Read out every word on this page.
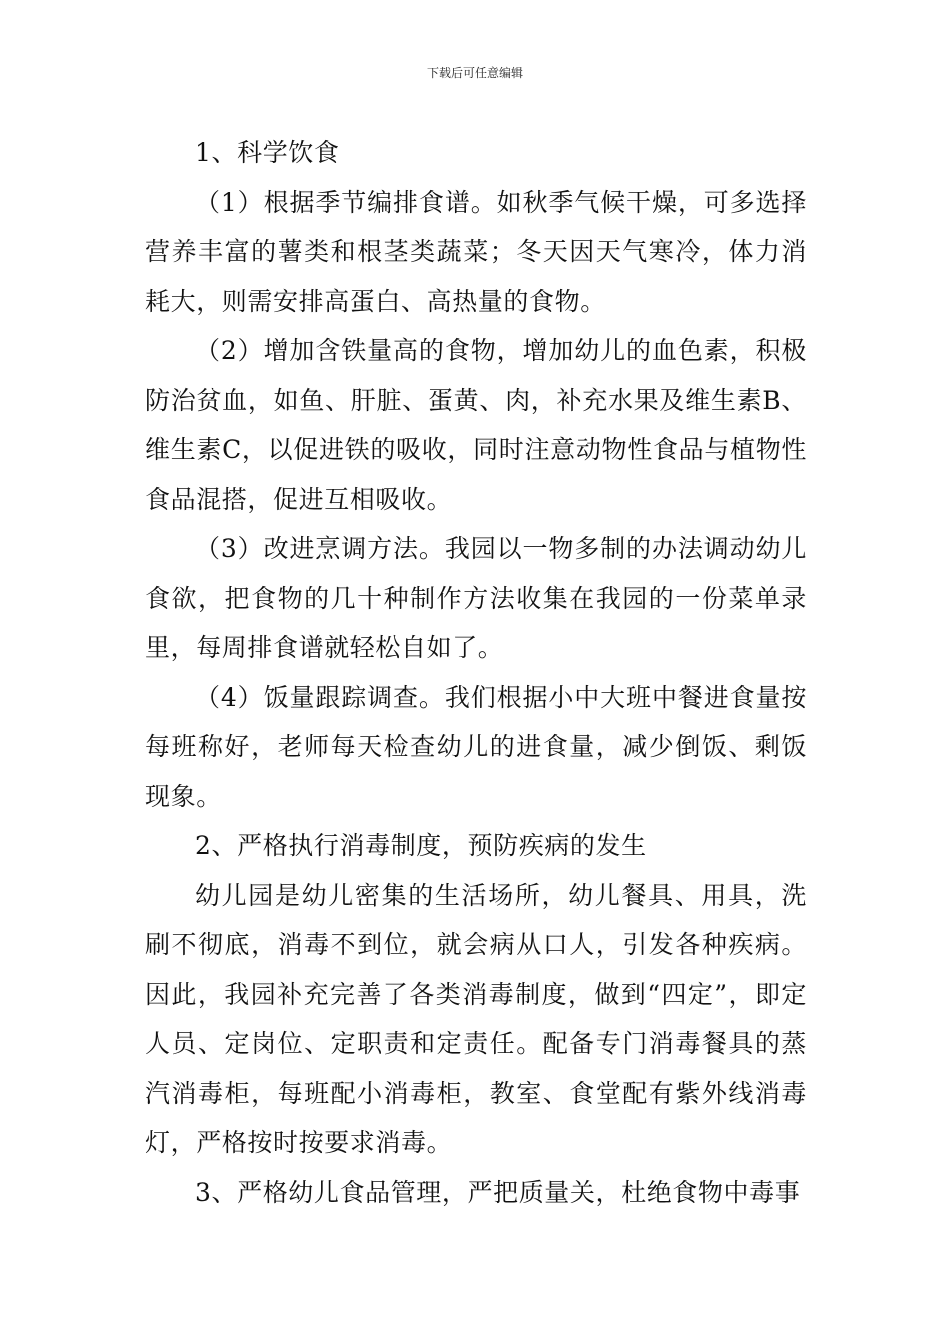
下载后可任意编辑

1、科学饮食

（1）根据季节编排食谱。如秋季气候干燥，可多选择营养丰富的薯类和根茎类蔬菜；冬天因天气寒冷，体力消耗大，则需安排高蛋白、高热量的食物。

（2）增加含铁量高的食物，增加幼儿的血色素，积极防治贫血，如鱼、肝脏、蛋黄、肉，补充水果及维生素B、维生素C，以促进铁的吸收，同时注意动物性食品与植物性食品混搭，促进互相吸收。

（3）改进烹调方法。我园以一物多制的办法调动幼儿食欲，把食物的几十种制作方法收集在我园的一份菜单录里，每周排食谱就轻松自如了。

（4）饭量跟踪调查。我们根据小中大班中餐进食量按每班称好，老师每天检查幼儿的进食量，减少倒饭、剩饭现象。

2、严格执行消毒制度，预防疾病的发生

幼儿园是幼儿密集的生活场所，幼儿餐具、用具，洗刷不彻底，消毒不到位，就会病从口人，引发各种疾病。因此，我园补充完善了各类消毒制度，做到“四定”，即定人员、定岗位、定职责和定责任。配备专门消毒餐具的蒸汽消毒柜，每班配小消毒柜，教室、食堂配有紫外线消毒灯，严格按时按要求消毒。

3、严格幼儿食品管理，严把质量关，杜绝食物中毒事
